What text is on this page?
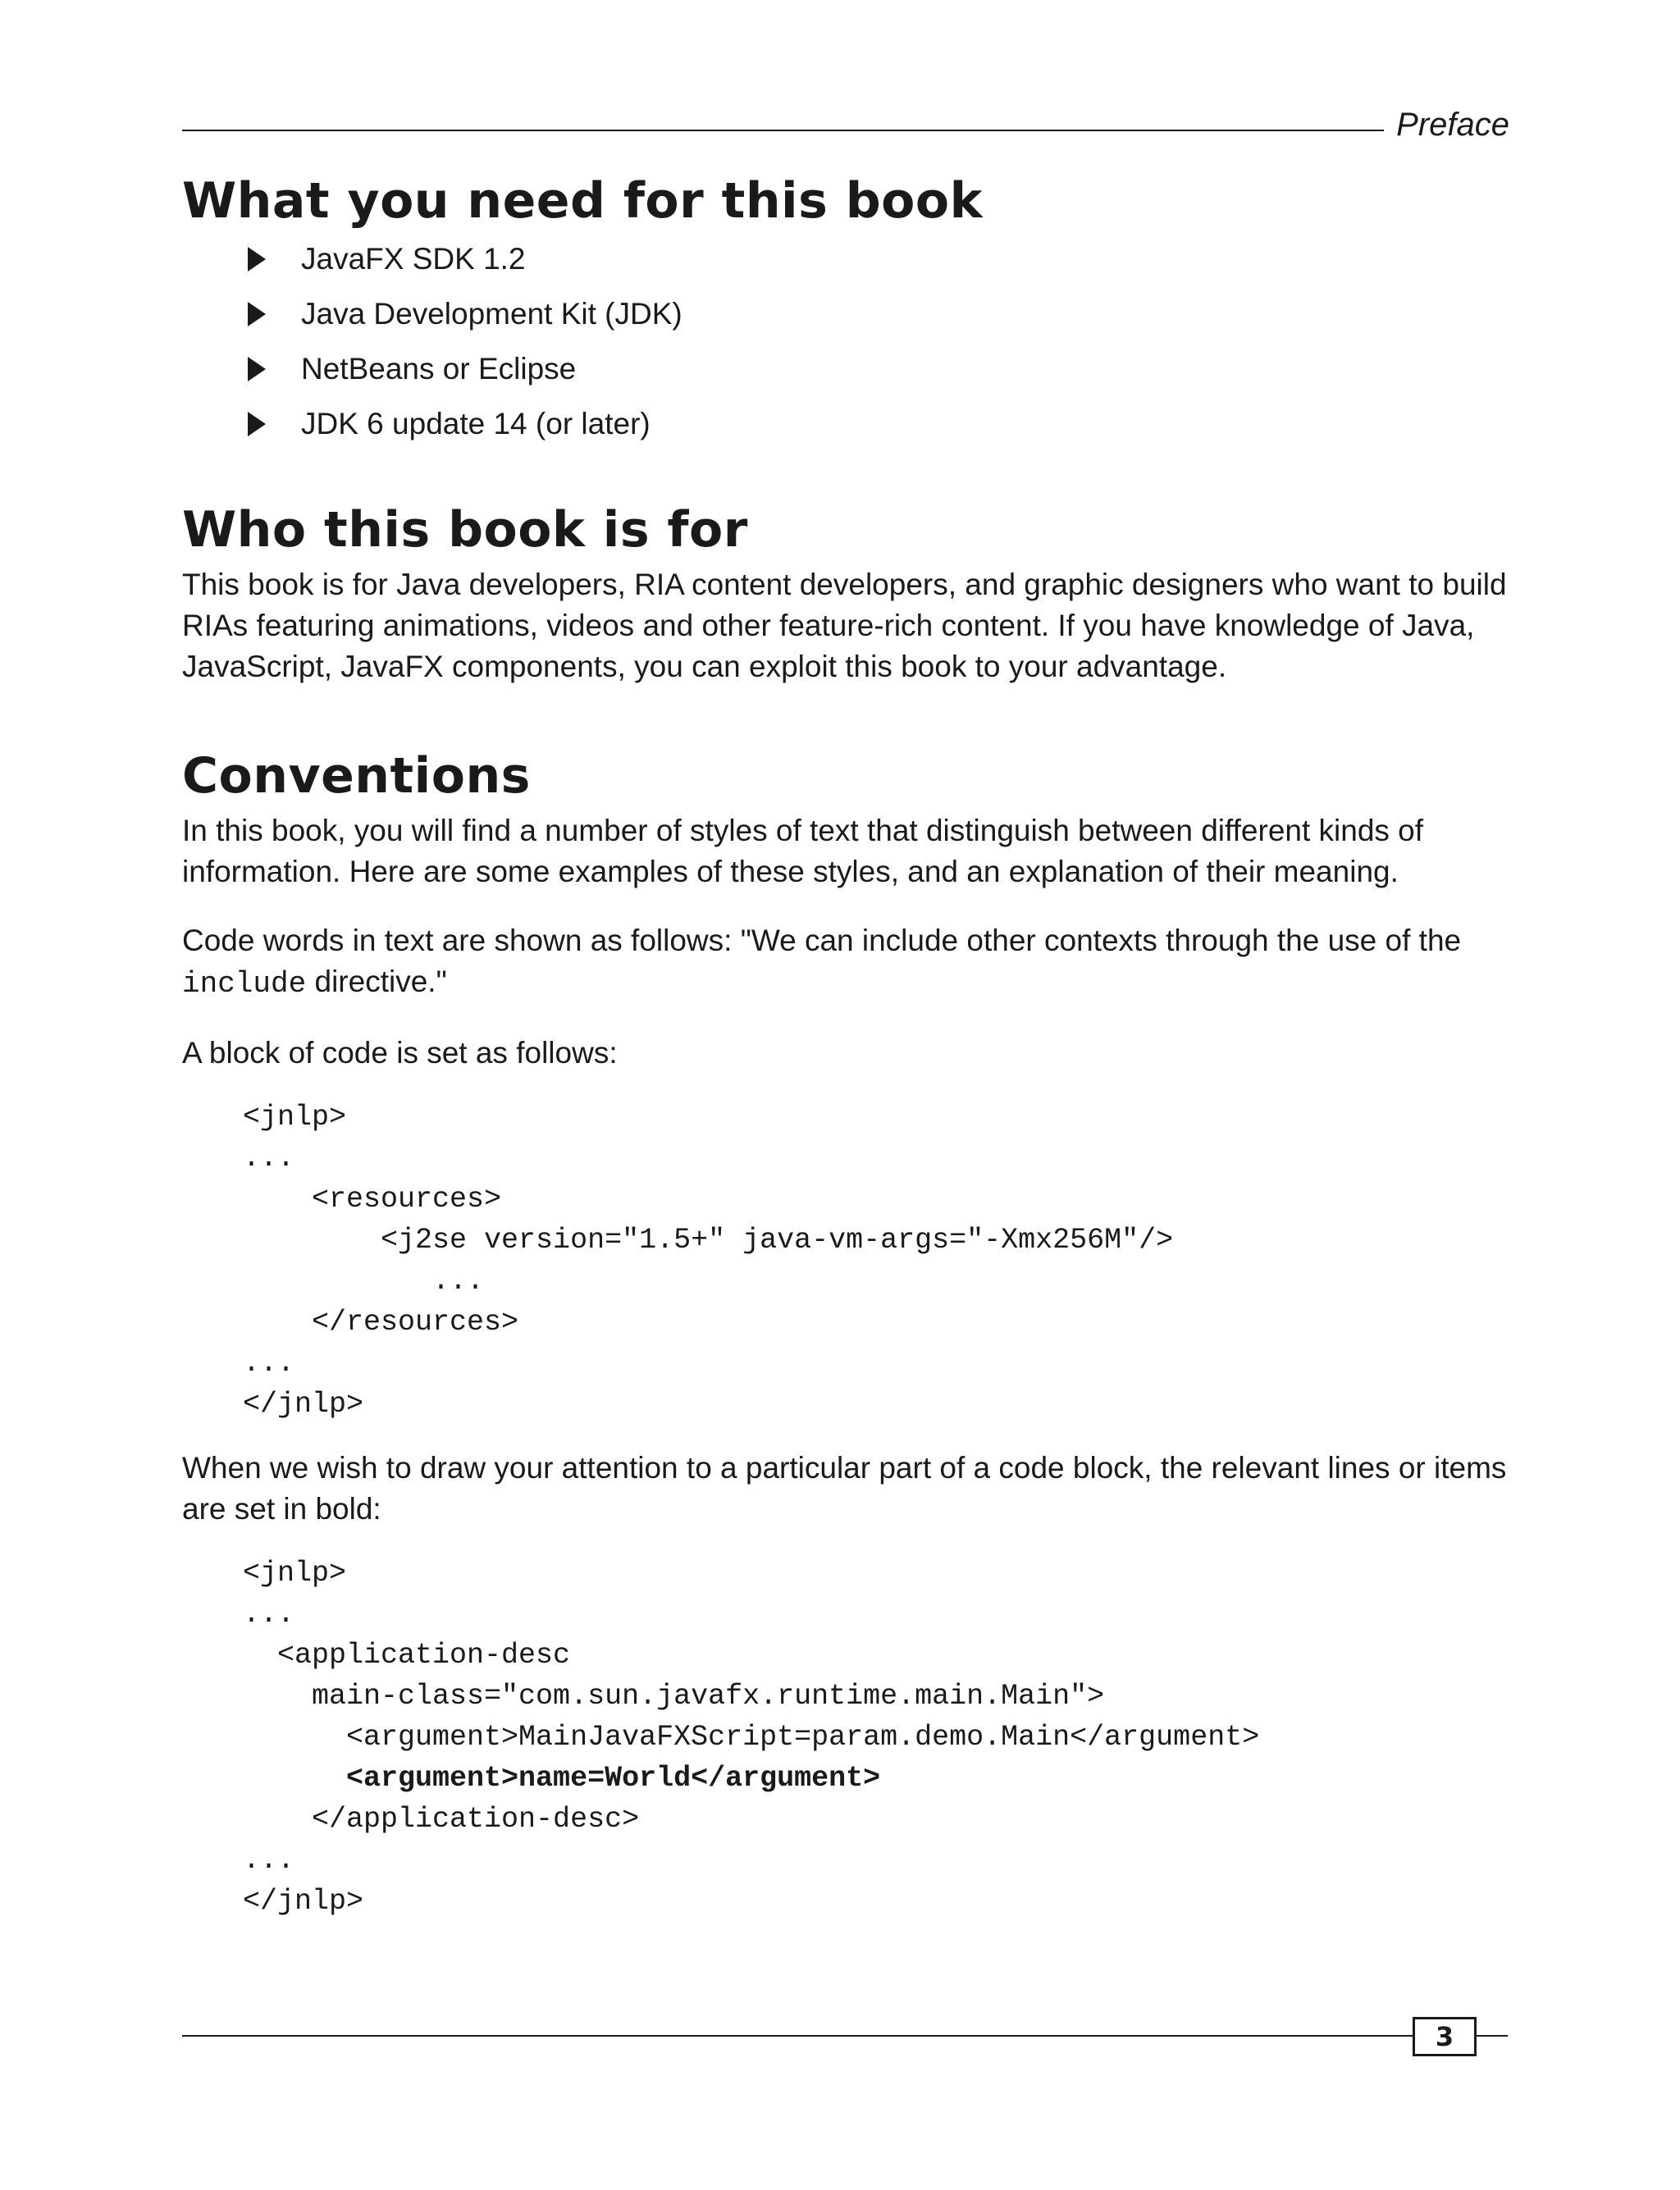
Preface
What you need for this book
JavaFX SDK 1.2
Java Development Kit (JDK)
NetBeans or Eclipse
JDK 6 update 14 (or later)
Who this book is for

This book is for Java developers, RIA content developers, and graphic designers who want to build RIAs featuring animations, videos and other feature-rich content. If you have knowledge of Java, JavaScript, JavaFX components, you can exploit this book to your advantage.

Conventions

In this book, you will find a number of styles of text that distinguish between different kinds of information. Here are some examples of these styles, and an explanation of their meaning.

Code words in text are shown as follows: "We can include other contexts through the use of the include directive."

A block of code is set as follows:

<jnlp>
...
<resources>
<j2se version="1.5+" java-vm-args="-Xmx256M"/>
...
</resources>
...
</jnlp>

When we wish to draw your attention to a particular part of a code block, the relevant lines or items are set in bold:

<jnlp>
...
<application-desc
main-class="com.sun.javafx.runtime.main.Main">
<argument>MainJavaFXScript=param.demo.Main</argument>
<argument>name=World</argument>
</application-desc>
...
</jnlp>
3
